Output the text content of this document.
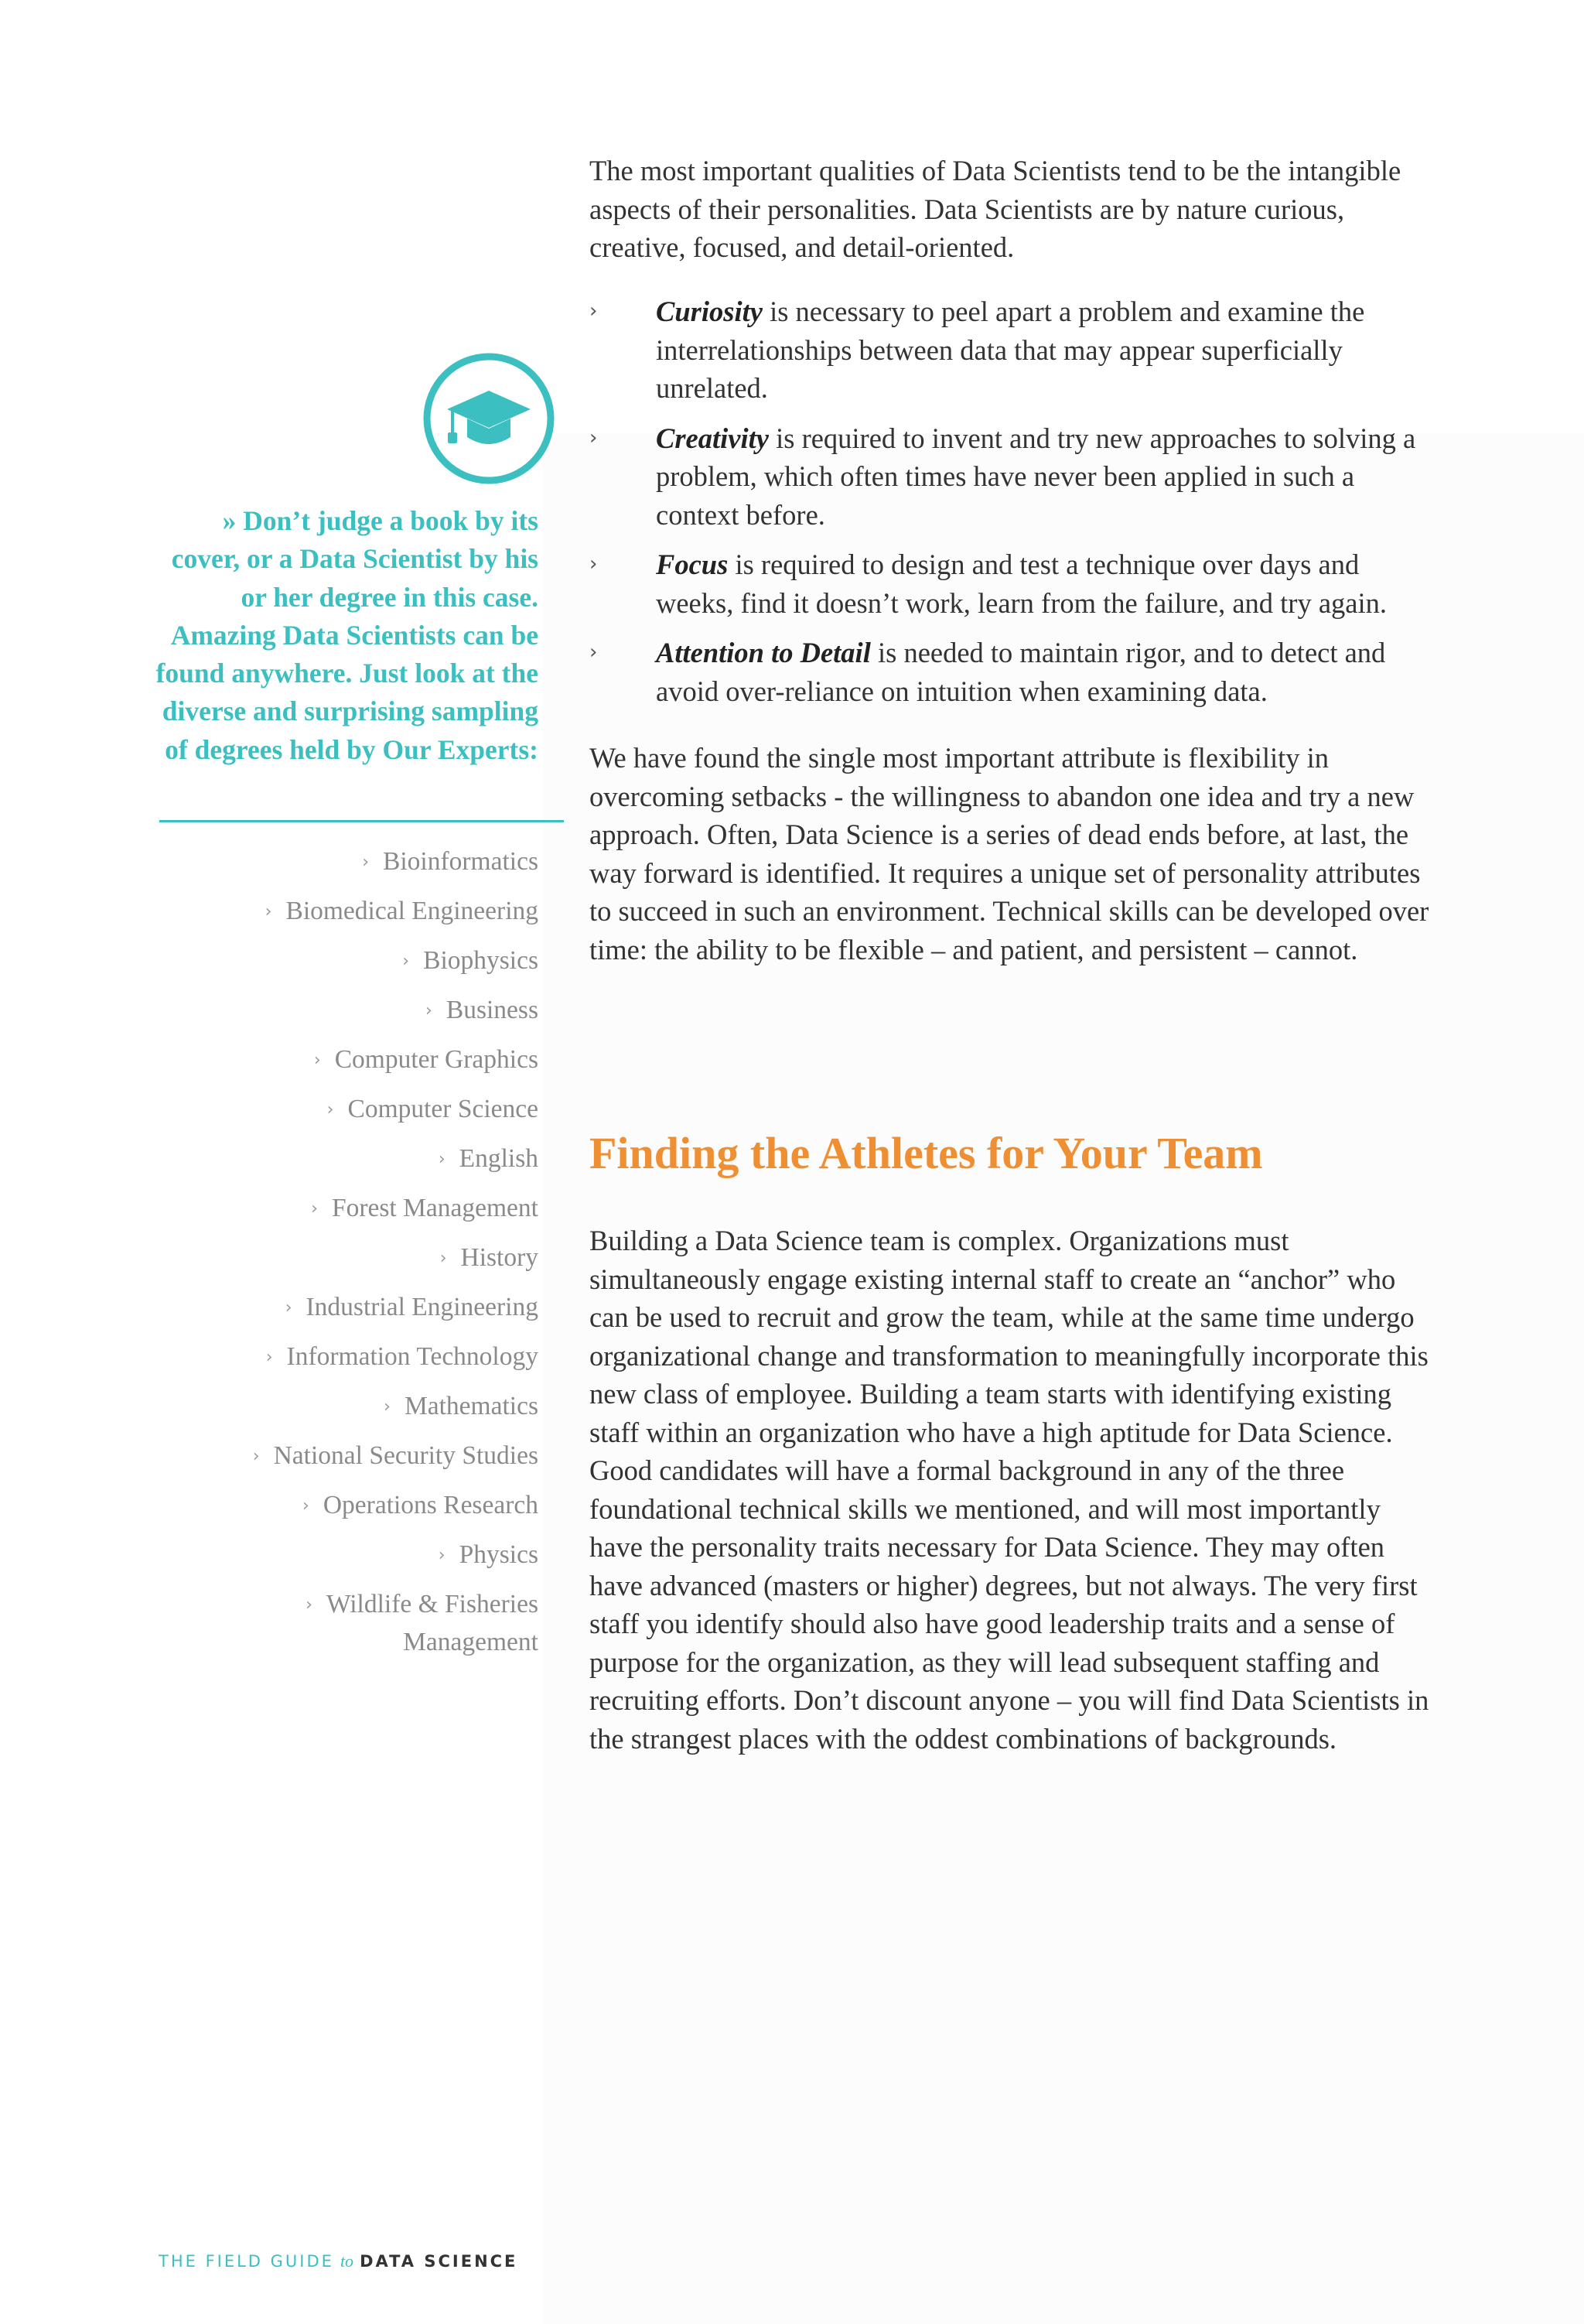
» Don’t judge a book by its cover, or a Data Scientist by his or her degree in this case. Amazing Data Scientists can be found anywhere. Just look at the diverse and surprising sampling of degrees held by Our Experts:

› Bioinformatics
› Biomedical Engineering
› Biophysics
› Business
› Computer Graphics
› Computer Science
› English
› Forest Management
› History
› Industrial Engineering
› Information Technology
› Mathematics
› National Security Studies
› Operations Research
› Physics
› Wildlife & Fisheries Management

The most important qualities of Data Scientists tend to be the intangible aspects of their personalities. Data Scientists are by nature curious, creative, focused, and detail-oriented.

› Curiosity is necessary to peel apart a problem and examine the interrelationships between data that may appear superficially unrelated.
› Creativity is required to invent and try new approaches to solving a problem, which often times have never been applied in such a context before.
› Focus is required to design and test a technique over days and weeks, find it doesn’t work, learn from the failure, and try again.
› Attention to Detail is needed to maintain rigor, and to detect and avoid over-reliance on intuition when examining data.

We have found the single most important attribute is flexibility in overcoming setbacks - the willingness to abandon one idea and try a new approach. Often, Data Science is a series of dead ends before, at last, the way forward is identified. It requires a unique set of personality attributes to succeed in such an environment. Technical skills can be developed over time: the ability to be flexible – and patient, and persistent – cannot.

Finding the Athletes for Your Team

Building a Data Science team is complex. Organizations must simultaneously engage existing internal staff to create an “anchor” who can be used to recruit and grow the team, while at the same time undergo organizational change and transformation to meaningfully incorporate this new class of employee. Building a team starts with identifying existing staff within an organization who have a high aptitude for Data Science. Good candidates will have a formal background in any of the three foundational technical skills we mentioned, and will most importantly have the personality traits necessary for Data Science. They may often have advanced (masters or higher) degrees, but not always. The very first staff you identify should also have good leadership traits and a sense of purpose for the organization, as they will lead subsequent staffing and recruiting efforts. Don’t discount anyone – you will find Data Scientists in the strangest places with the oddest combinations of backgrounds.

THE FIELD GUIDE to DATA SCIENCE
